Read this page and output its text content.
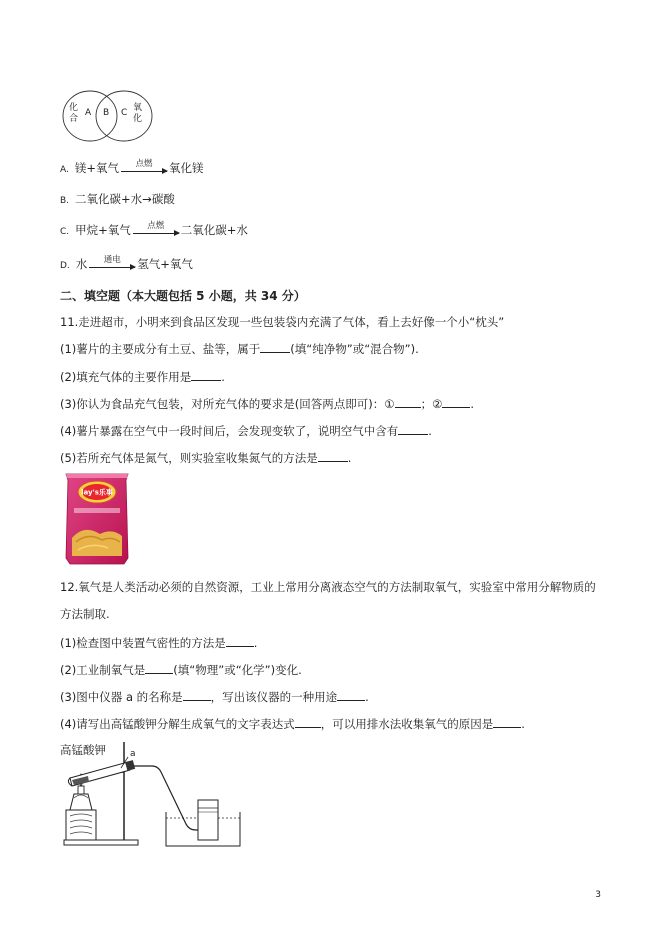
化
合
A B C 氧
化
A. 镁+氧气	点燃	氧化镁
B. 二氧化碳+水→碳酸
C. 甲烷+氧气	点燃	二氧化碳+水
D. 水	通电	氢气+氧气
二、填空题（本大题包括 5 小题，共 34 分）
11.走进超市，小明来到食品区发现一些包装袋内充满了气体，看上去好像一个小“枕头”
(1)薯片的主要成分有土豆、盐等，属于	(填“纯净物”或“混合物”).
(2)填充气体的主要作用是	.
(3)你认为食品充气包装，对所充气体的要求是(回答两点即可)：① ；② .
(4)薯片暴露在空气中一段时间后，会发现变软了，说明空气中含有	.
(5)若所充气体是氮气，则实验室收集氮气的方法是	.
lay's乐事
12.氧气是人类活动必须的自然资源，工业上常用分离液态空气的方法制取氧气，实验室中常用分解物质的
方法制取.
(1)检查图中装置气密性的方法是 .
(2)工业制氧气是 (填“物理”或“化学”)变化.
(3)图中仪器 a 的名称是 ，写出该仪器的一种用途 .
(4)请写出高锰酸钾分解生成氧气的文字表达式 ，可以用排水法收集氧气的原因是 .
高锰酸钾	a
3
